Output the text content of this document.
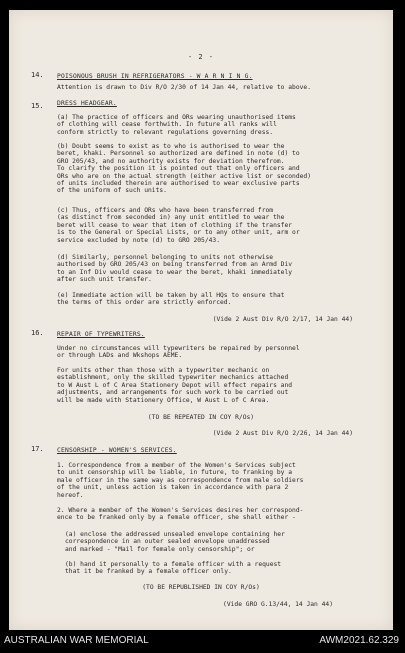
- 2 -
14. POISONOUS BRUSH IN REFRIGERATORS - W A R N I N G.
Attention is drawn to Div R/O 2/30 of 14 Jan 44, relative to above.
15. DRESS HEADGEAR.
(a) The practice of officers and ORs wearing unauthorised items
of clothing will cease forthwith. In future all ranks will
conform strictly to relevant regulations governing dress.
(b) Doubt seems to exist as to who is authorised to wear the
beret, khaki. Personnel so authorized are defined in note (d) to
GRO 205/43, and no authority exists for deviation therefrom.
To clarify the position it is pointed out that only officers and
ORs who are on the actual strength (either active list or seconded)
of units included therein are authorised to wear exclusive parts
of the uniform of such units.
(c) Thus, officers and ORs who have been transferred from
(as distinct from seconded in) any unit entitled to wear the
beret will cease to wear that item of clothing if the transfer
is to the General or Special Lists, or to any other unit, arm or
service excluded by note (d) to GRO 205/43.
(d) Similarly, personnel belonging to units not otherwise
authorised by GRO 205/43 on being transferred from an Armd Div
to an Inf Div would cease to wear the beret, khaki immediately
after such unit transfer.
(e) Immediate action will be taken by all HQs to ensure that
the terms of this order are strictly enforced.
(Vide 2 Aust Div R/O 2/17, 14 Jan 44)
16. REPAIR OF TYPEWRITERS.
Under no circumstances will typewriters be repaired by personnel
or through LADs and Wkshops AEME.
For units other than those with a typewriter mechanic on
establishment, only the skilled typewriter mechanics attached
to W Aust L of C Area Stationery Depot will effect repairs and
adjustments, and arrangements for such work to be carried out
will be made with Stationery Office, W Aust L of C Area.
(TO BE REPEATED IN COY R/Os)
(Vide 2 Aust Div R/O 2/26, 14 Jan 44)
17. CENSORSHIP - WOMEN'S SERVICES.
1. Correspondence from a member of the Women's Services subject
to unit censorship will be liable, in future, to franking by a
male officer in the same way as correspondence from male soldiers
of the unit, unless action is taken in accordance with para 2
hereof.
2. Where a member of the Women's Services desires her correspond-
ence to be franked only by a female officer, she shall either -
(a) enclose the addressed unsealed envelope containing her
correspondence in an outer sealed envelope unaddressed
and marked - "Mail for female only censorship"; or
(b) hand it personally to a female officer with a request
that it be franked by a female officer only.
(TO BE REPUBLISHED IN COY R/Os)
(Vide GRO G.13/44, 14 Jan 44)
AUSTRALIAN WAR MEMORIAL	AWM2021.62.329
